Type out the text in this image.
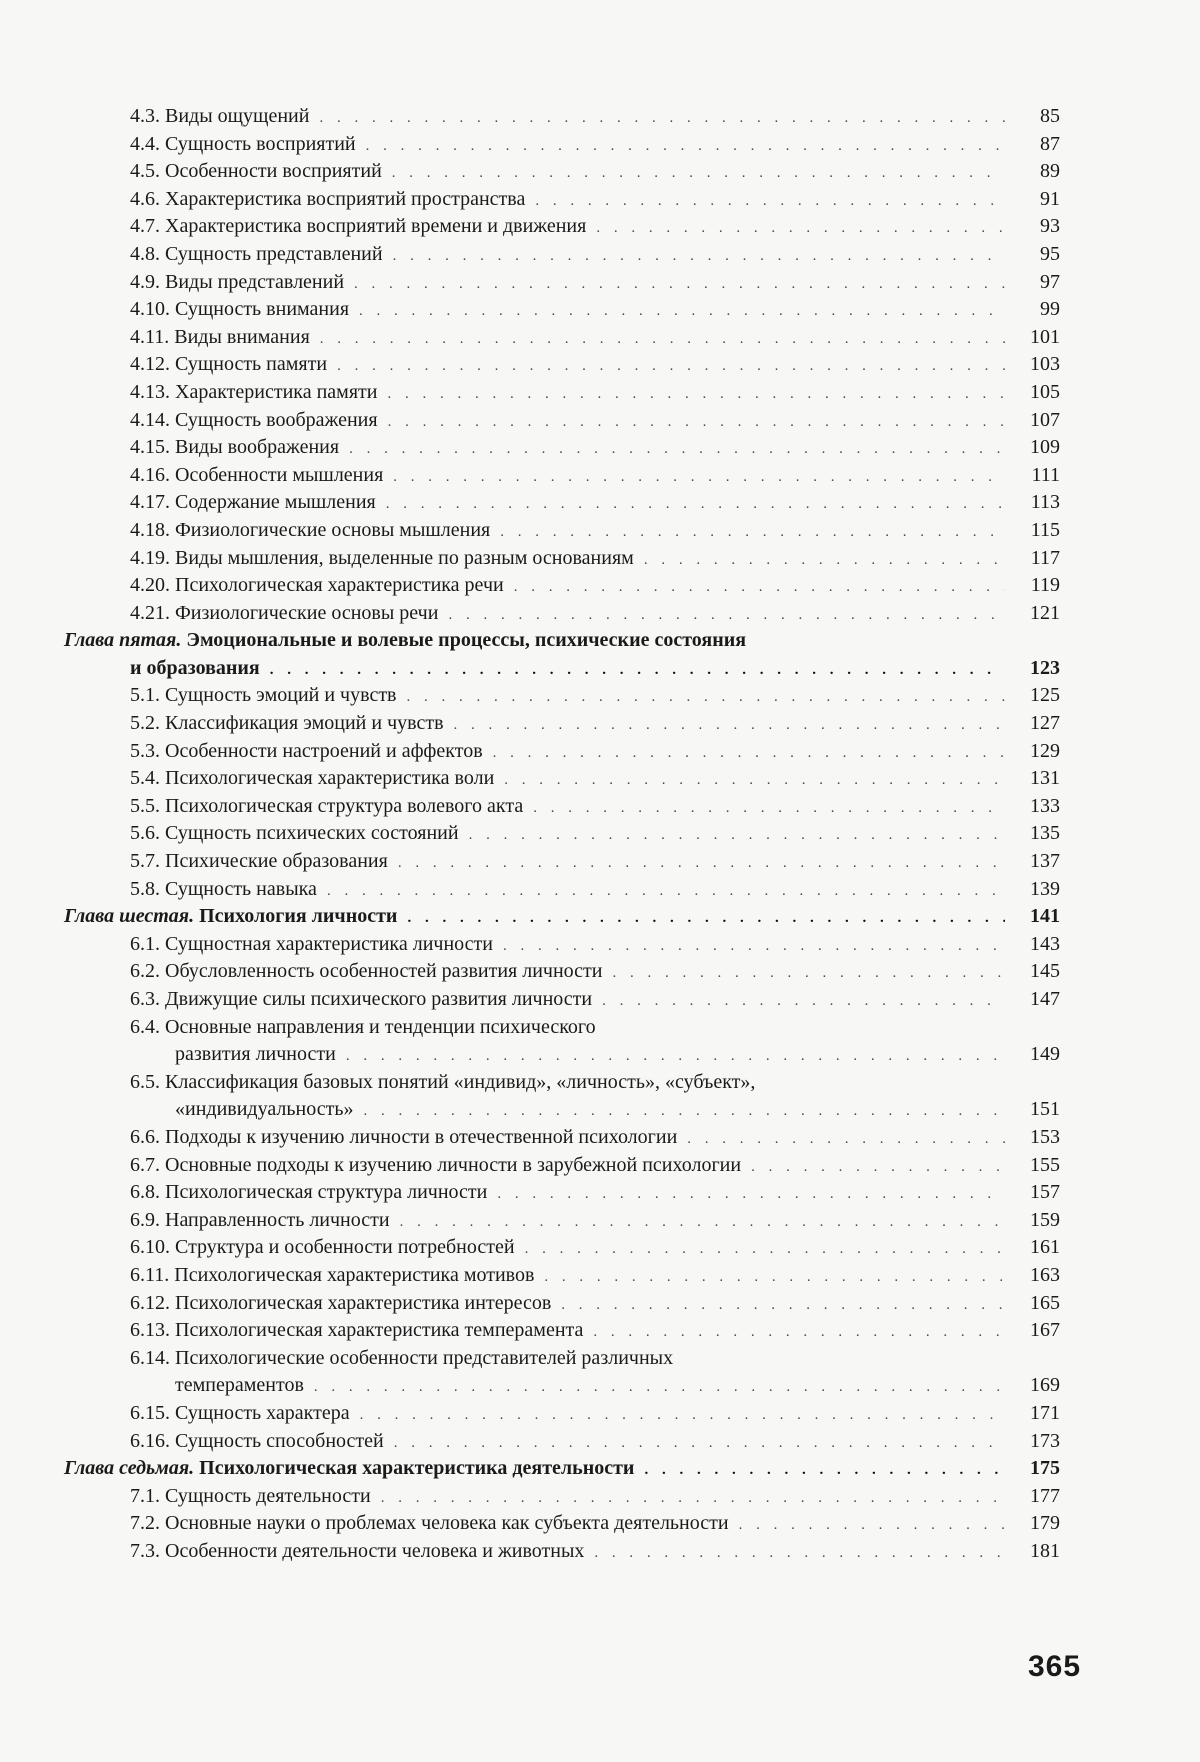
4.3. Виды ощущений . . .	85
4.4. Сущность восприятий . . .	87
4.5. Особенности восприятий . . .	89
4.6. Характеристика восприятий пространства . . .	91
4.7. Характеристика восприятий времени и движения . . .	93
4.8. Сущность представлений . . .	95
4.9. Виды представлений . . .	97
4.10. Сущность внимания . . .	99
4.11. Виды внимания . . .	101
4.12. Сущность памяти . . .	103
4.13. Характеристика памяти . . .	105
4.14. Сущность воображения . . .	107
4.15. Виды воображения . . .	109
4.16. Особенности мышления . . .	111
4.17. Содержание мышления . . .	113
4.18. Физиологические основы мышления . . .	115
4.19. Виды мышления, выделенные по разным основаниям . . .	117
4.20. Психологическая характеристика речи . . .	119
4.21. Физиологические основы речи . . .	121
Глава пятая. Эмоциональные и волевые процессы, психические состояния
и образования . . .	123
5.1. Сущность эмоций и чувств . . .	125
5.2. Классификация эмоций и чувств . . .	127
5.3. Особенности настроений и аффектов . . .	129
5.4. Психологическая характеристика воли . . .	131
5.5. Психологическая структура волевого акта . . .	133
5.6. Сущность психических состояний . . .	135
5.7. Психические образования . . .	137
5.8. Сущность навыка . . .	139
Глава шестая. Психология личности . . .	141
6.1. Сущностная характеристика личности . . .	143
6.2. Обусловленность особенностей развития личности . . .	145
6.3. Движущие силы психического развития личности . . .	147
6.4. Основные направления и тенденции психического
развития личности . . .	149
6.5. Классификация базовых понятий «индивид», «личность», «субъект»,
«индивидуальность» . . .	151
6.6. Подходы к изучению личности в отечественной психологии . . .	153
6.7. Основные подходы к изучению личности в зарубежной психологии . . .	155
6.8. Психологическая структура личности . . .	157
6.9. Направленность личности . . .	159
6.10. Структура и особенности потребностей . . .	161
6.11. Психологическая характеристика мотивов . . .	163
6.12. Психологическая характеристика интересов . . .	165
6.13. Психологическая характеристика темперамента . . .	167
6.14. Психологические особенности представителей различных
темпераментов . . .	169
6.15. Сущность характера . . .	171
6.16. Сущность способностей . . .	173
Глава седьмая. Психологическая характеристика деятельности . . .	175
7.1. Сущность деятельности . . .	177
7.2. Основные науки о проблемах человека как субъекта деятельности . . .	179
7.3. Особенности деятельности человека и животных . . .	181
365
